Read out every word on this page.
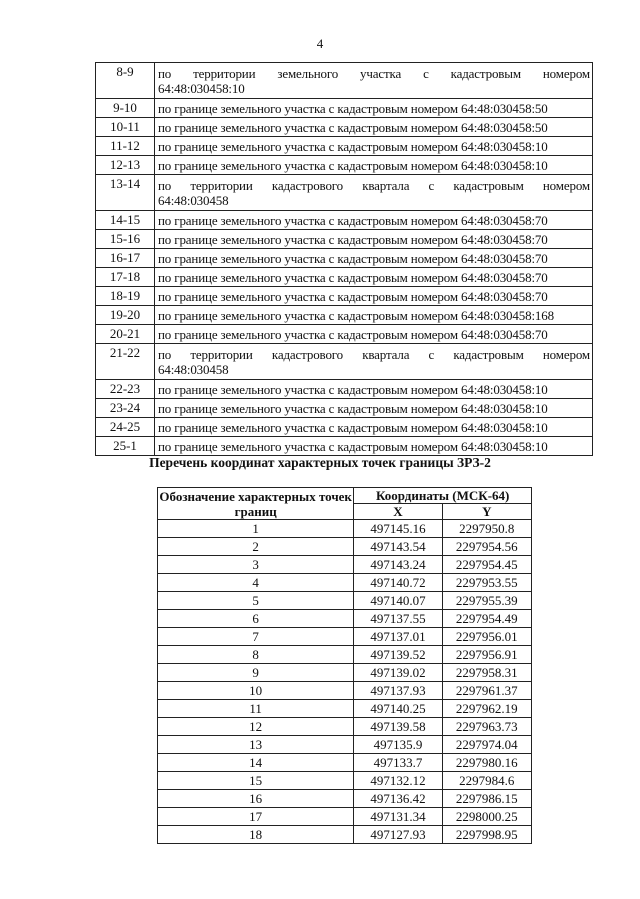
4
8-9	по территории земельного участка с кадастровым номером 64:48:030458:10
9-10	по границе земельного участка с кадастровым номером 64:48:030458:50
10-11	по границе земельного участка с кадастровым номером 64:48:030458:50
11-12	по границе земельного участка с кадастровым номером 64:48:030458:10
12-13	по границе земельного участка с кадастровым номером 64:48:030458:10
13-14	по территории кадастрового квартала с кадастровым номером 64:48:030458
14-15	по границе земельного участка с кадастровым номером 64:48:030458:70
15-16	по границе земельного участка с кадастровым номером 64:48:030458:70
16-17	по границе земельного участка с кадастровым номером 64:48:030458:70
17-18	по границе земельного участка с кадастровым номером 64:48:030458:70
18-19	по границе земельного участка с кадастровым номером 64:48:030458:70
19-20	по границе земельного участка с кадастровым номером 64:48:030458:168
20-21	по границе земельного участка с кадастровым номером 64:48:030458:70
21-22	по территории кадастрового квартала с кадастровым номером 64:48:030458
22-23	по границе земельного участка с кадастровым номером 64:48:030458:10
23-24	по границе земельного участка с кадастровым номером 64:48:030458:10
24-25	по границе земельного участка с кадастровым номером 64:48:030458:10
25-1	по границе земельного участка с кадастровым номером 64:48:030458:10
Перечень координат характерных точек границы ЗРЗ-2
Обозначение характерных точек границ	Координаты (МСК-64)	
	X	Y
1	497145.16	2297950.8
2	497143.54	2297954.56
3	497143.24	2297954.45
4	497140.72	2297953.55
5	497140.07	2297955.39
6	497137.55	2297954.49
7	497137.01	2297956.01
8	497139.52	2297956.91
9	497139.02	2297958.31
10	497137.93	2297961.37
11	497140.25	2297962.19
12	497139.58	2297963.73
13	497135.9	2297974.04
14	497133.7	2297980.16
15	497132.12	2297984.6
16	497136.42	2297986.15
17	497131.34	2298000.25
18	497127.93	2297998.95
